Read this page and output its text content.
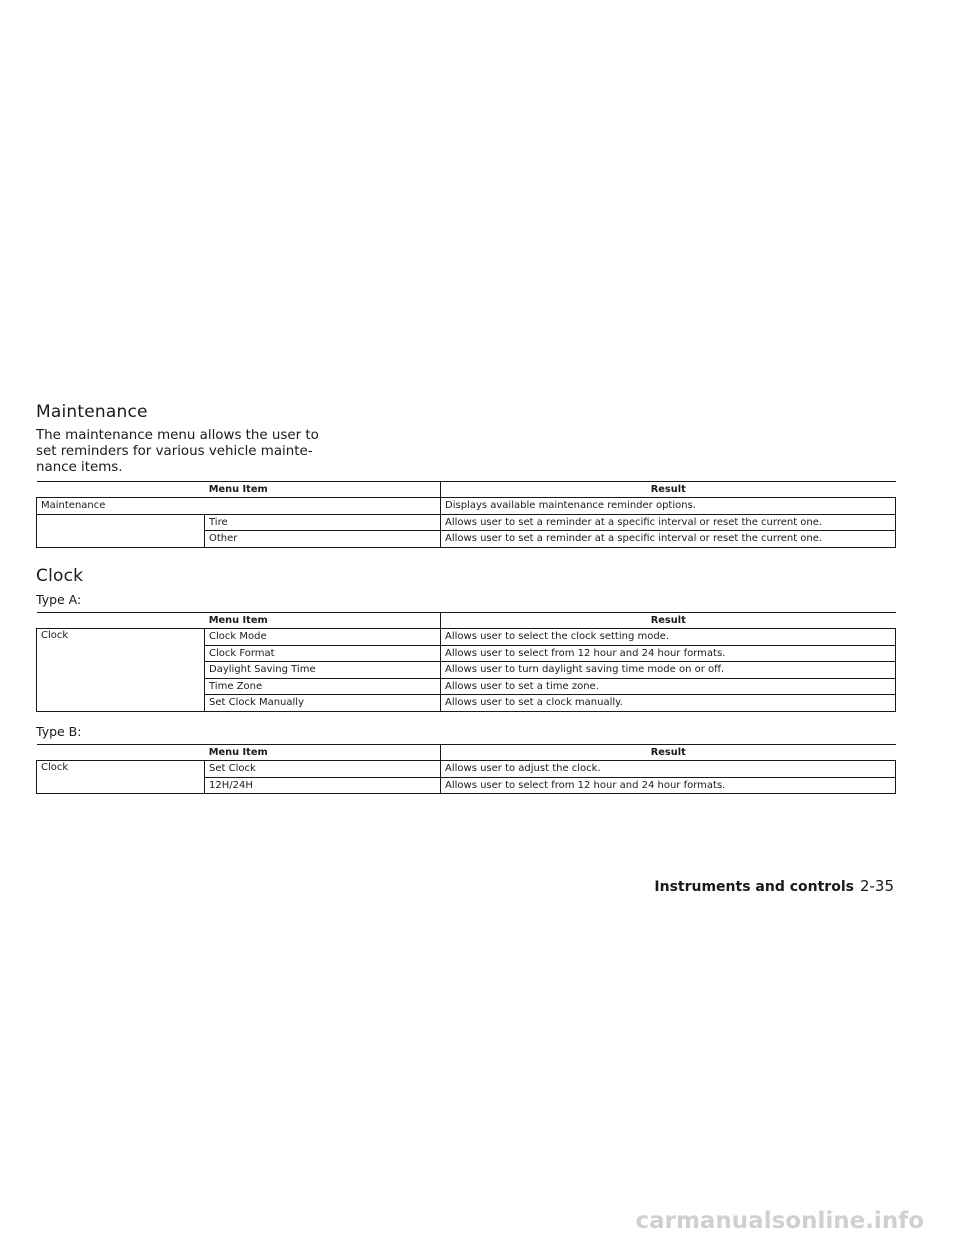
Maintenance

The maintenance menu allows the user to
set reminders for various vehicle mainte-
nance items.

Menu Item		Result
Maintenance		Displays available maintenance reminder options.
	Tire	Allows user to set a reminder at a specific interval or reset the current one.
	Other	Allows user to set a reminder at a specific interval or reset the current one.
Clock

Type A:

Menu Item		Result
Clock	Clock Mode	Allows user to select the clock setting mode.
	Clock Format	Allows user to select from 12 hour and 24 hour formats.
	Daylight Saving Time	Allows user to turn daylight saving time mode on or off.
	Time Zone	Allows user to set a time zone.
	Set Clock Manually	Allows user to set a clock manually.

Type B:

Menu Item		Result
Clock	Set Clock	Allows user to adjust the clock.
	12H/24H	Allows user to select from 12 hour and 24 hour formats.
Instruments and controls 2-35
carmanualsonline.info
